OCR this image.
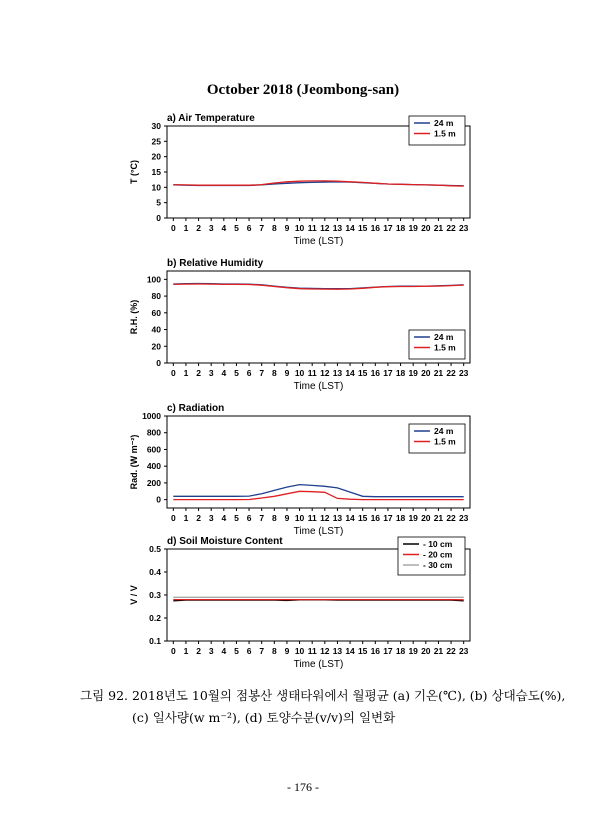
October 2018 (Jeombong-san)
a) Air Temperature
0
5
10
15
20
25
30
0 1 2 3 4 5 6 7 8 9 10 11 12 13 14 15 16 17 18 19 20 21 22 23
Time (LST)
T (°C)
24 m
1.5 m
b) Relative Humidity
0
20
40
60
80
100
0 1 2 3 4 5 6 7 8 9 10 11 12 13 14 15 16 17 18 19 20 21 22 23
Time (LST)
R.H. (%)
24 m
1.5 m
c) Radiation
0
200
400
600
800
1000
0 1 2 3 4 5 6 7 8 9 10 11 12 13 14 15 16 17 18 19 20 21 22 23
Time (LST)
Rad. (W m⁻²)
24 m
1.5 m
d) Soil Moisture Content
0.1
0.2
0.3
0.4
0.5
0 1 2 3 4 5 6 7 8 9 10 11 12 13 14 15 16 17 18 19 20 21 22 23
Time (LST)
V / V
- 10 cm
- 20 cm
- 30 cm
그림 92. 2018년도 10월의 점봉산 생태타워에서 월평균 (a) 기온(℃), (b) 상대습도(%),
(c) 일사량(w m⁻²), (d) 토양수분(v/v)의 일변화
- 176 -
